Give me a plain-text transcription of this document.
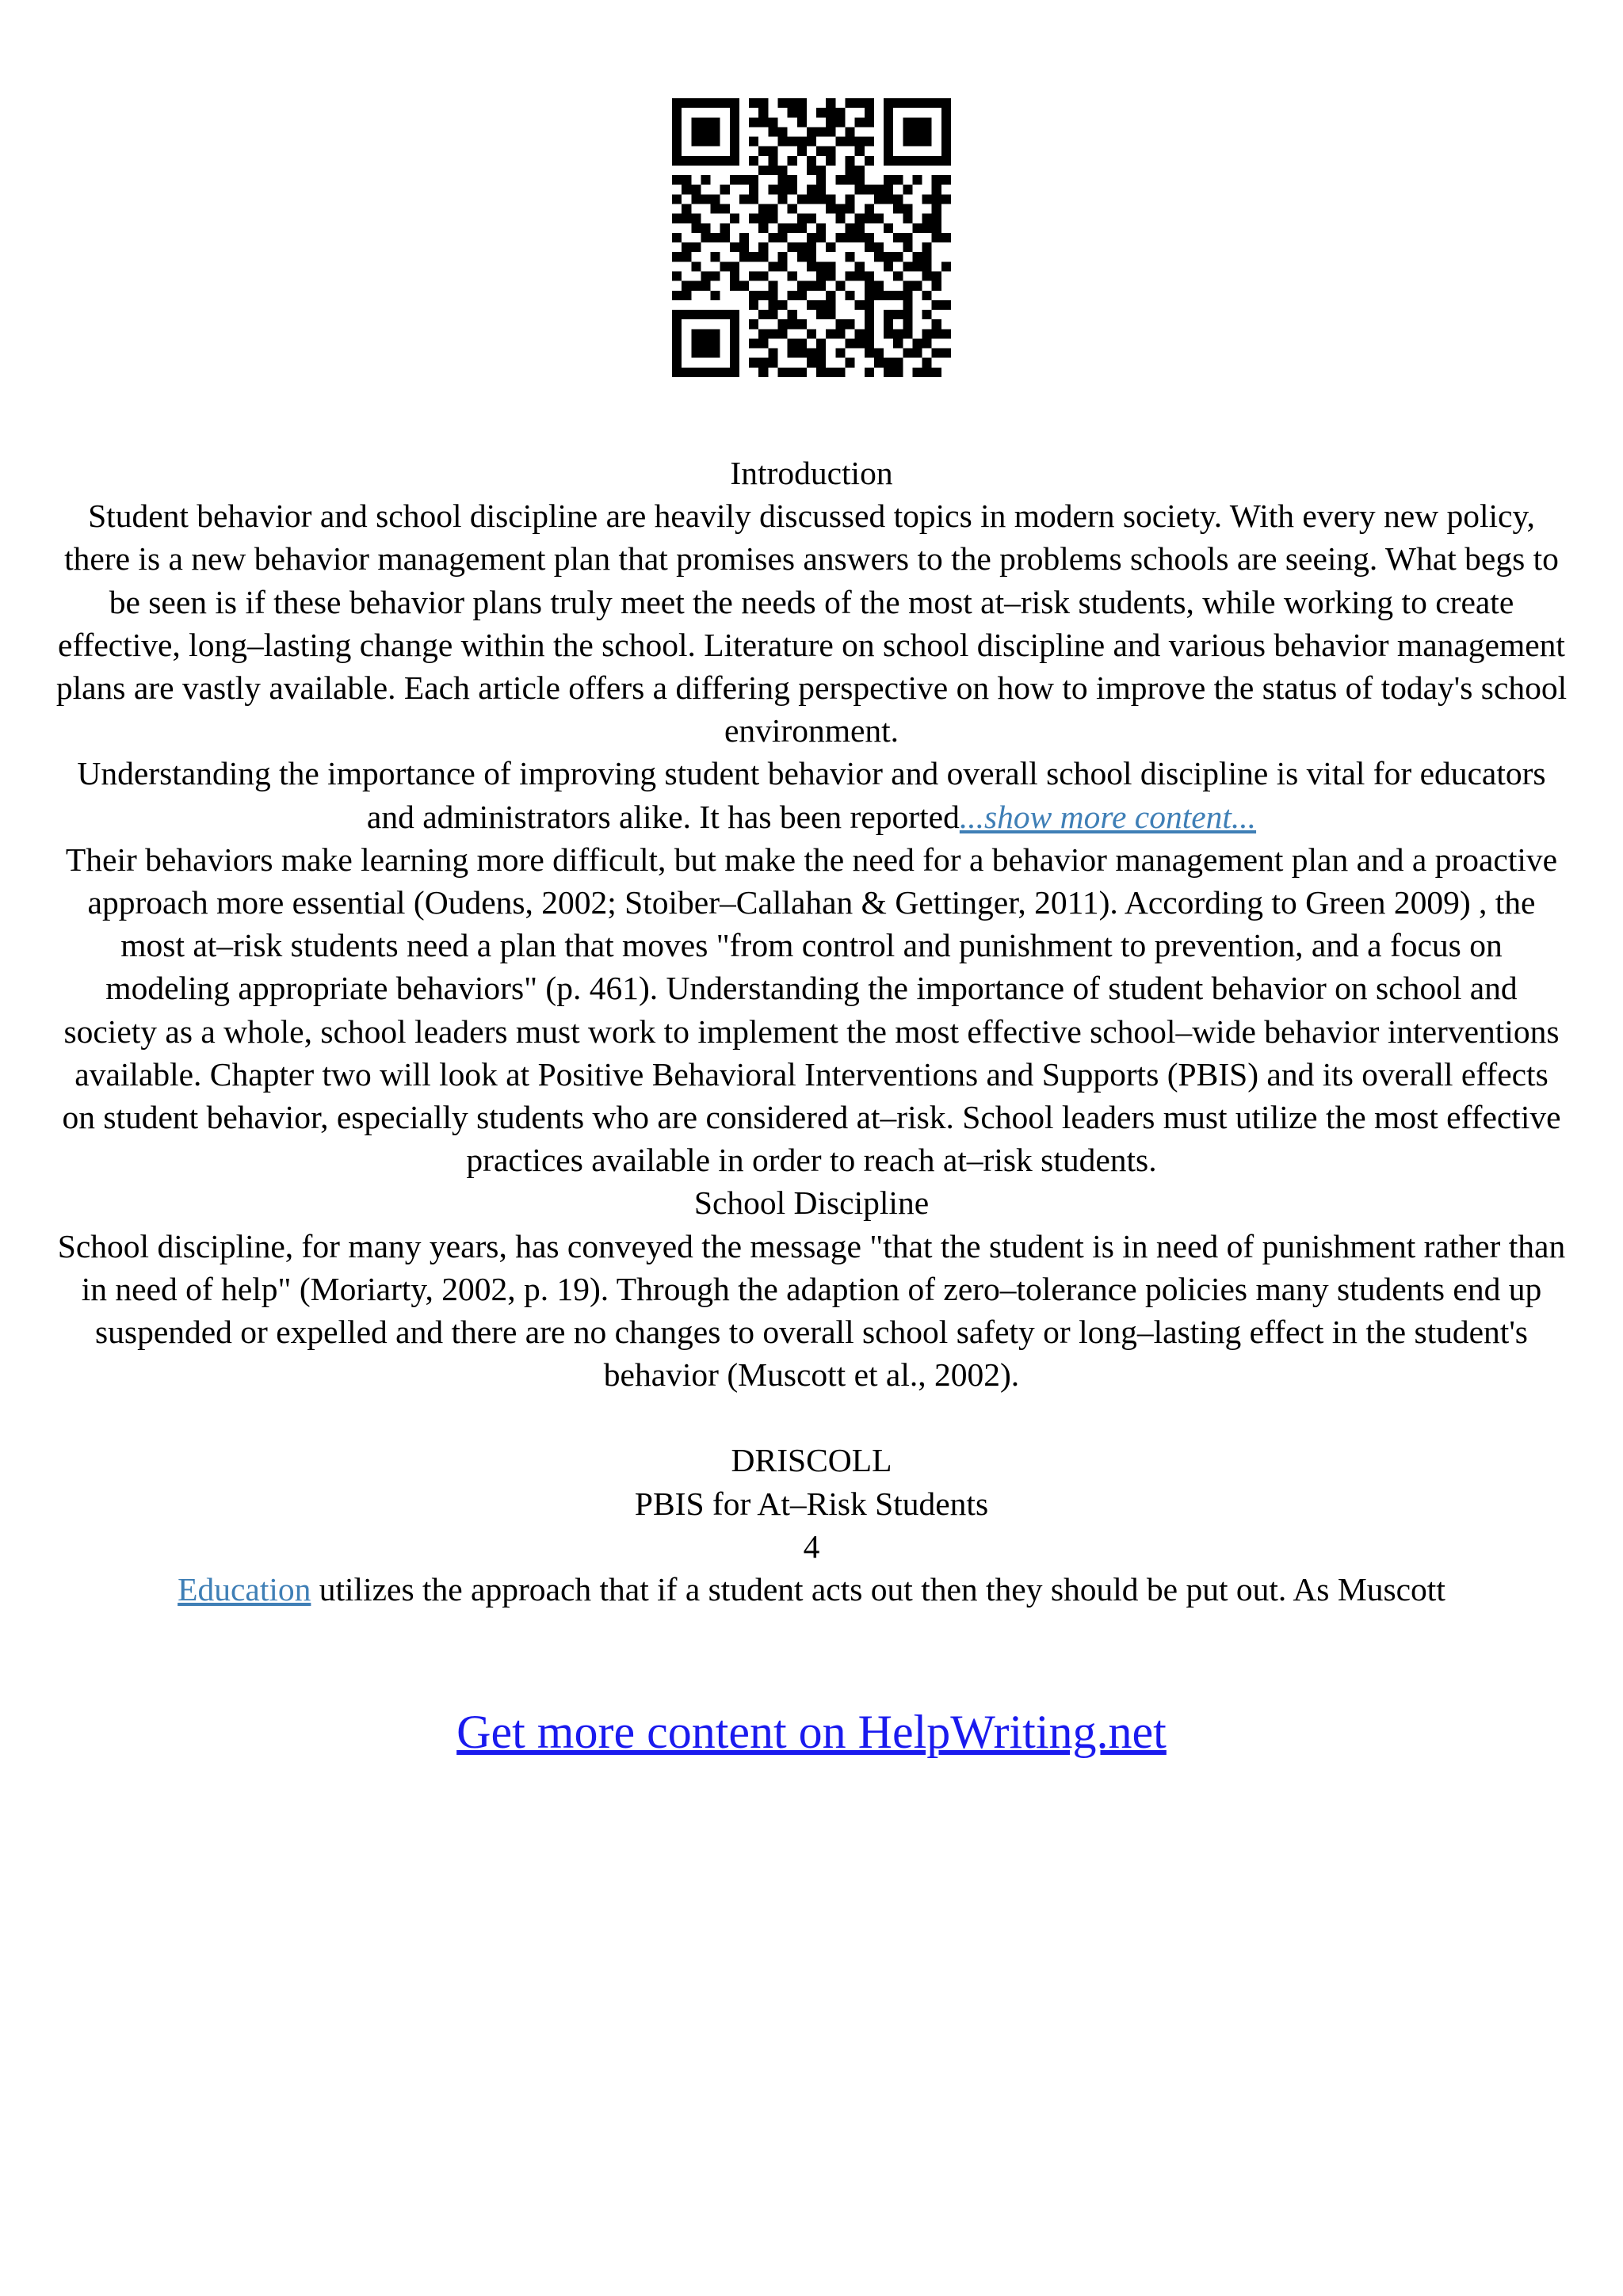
Introduction

Student behavior and school discipline are heavily discussed topics in modern society. With every new policy, there is a new behavior management plan that promises answers to the problems schools are seeing. What begs to be seen is if these behavior plans truly meet the needs of the most at–risk students, while working to create effective, long–lasting change within the school. Literature on school discipline and various behavior management plans are vastly available. Each article offers a differing perspective on how to improve the status of today's school environment.

Understanding the importance of improving student behavior and overall school discipline is vital for educators and administrators alike. It has been reported...show more content...

Their behaviors make learning more difficult, but make the need for a behavior management plan and a proactive approach more essential (Oudens, 2002; Stoiber–Callahan & Gettinger, 2011). According to Green 2009) , the most at–risk students need a plan that moves "from control and punishment to prevention, and a focus on modeling appropriate behaviors" (p. 461). Understanding the importance of student behavior on school and society as a whole, school leaders must work to implement the most effective school–wide behavior interventions available. Chapter two will look at Positive Behavioral Interventions and Supports (PBIS) and its overall effects on student behavior, especially students who are considered at–risk. School leaders must utilize the most effective practices available in order to reach at–risk students.

School Discipline

School discipline, for many years, has conveyed the message "that the student is in need of punishment rather than in need of help" (Moriarty, 2002, p. 19). Through the adaption of zero–tolerance policies many students end up suspended or expelled and there are no changes to overall school safety or long–lasting effect in the student's behavior (Muscott et al., 2002).

DRISCOLL

PBIS for At–Risk Students

4

Education utilizes the approach that if a student acts out then they should be put out. As Muscott

Get more content on HelpWriting.net
